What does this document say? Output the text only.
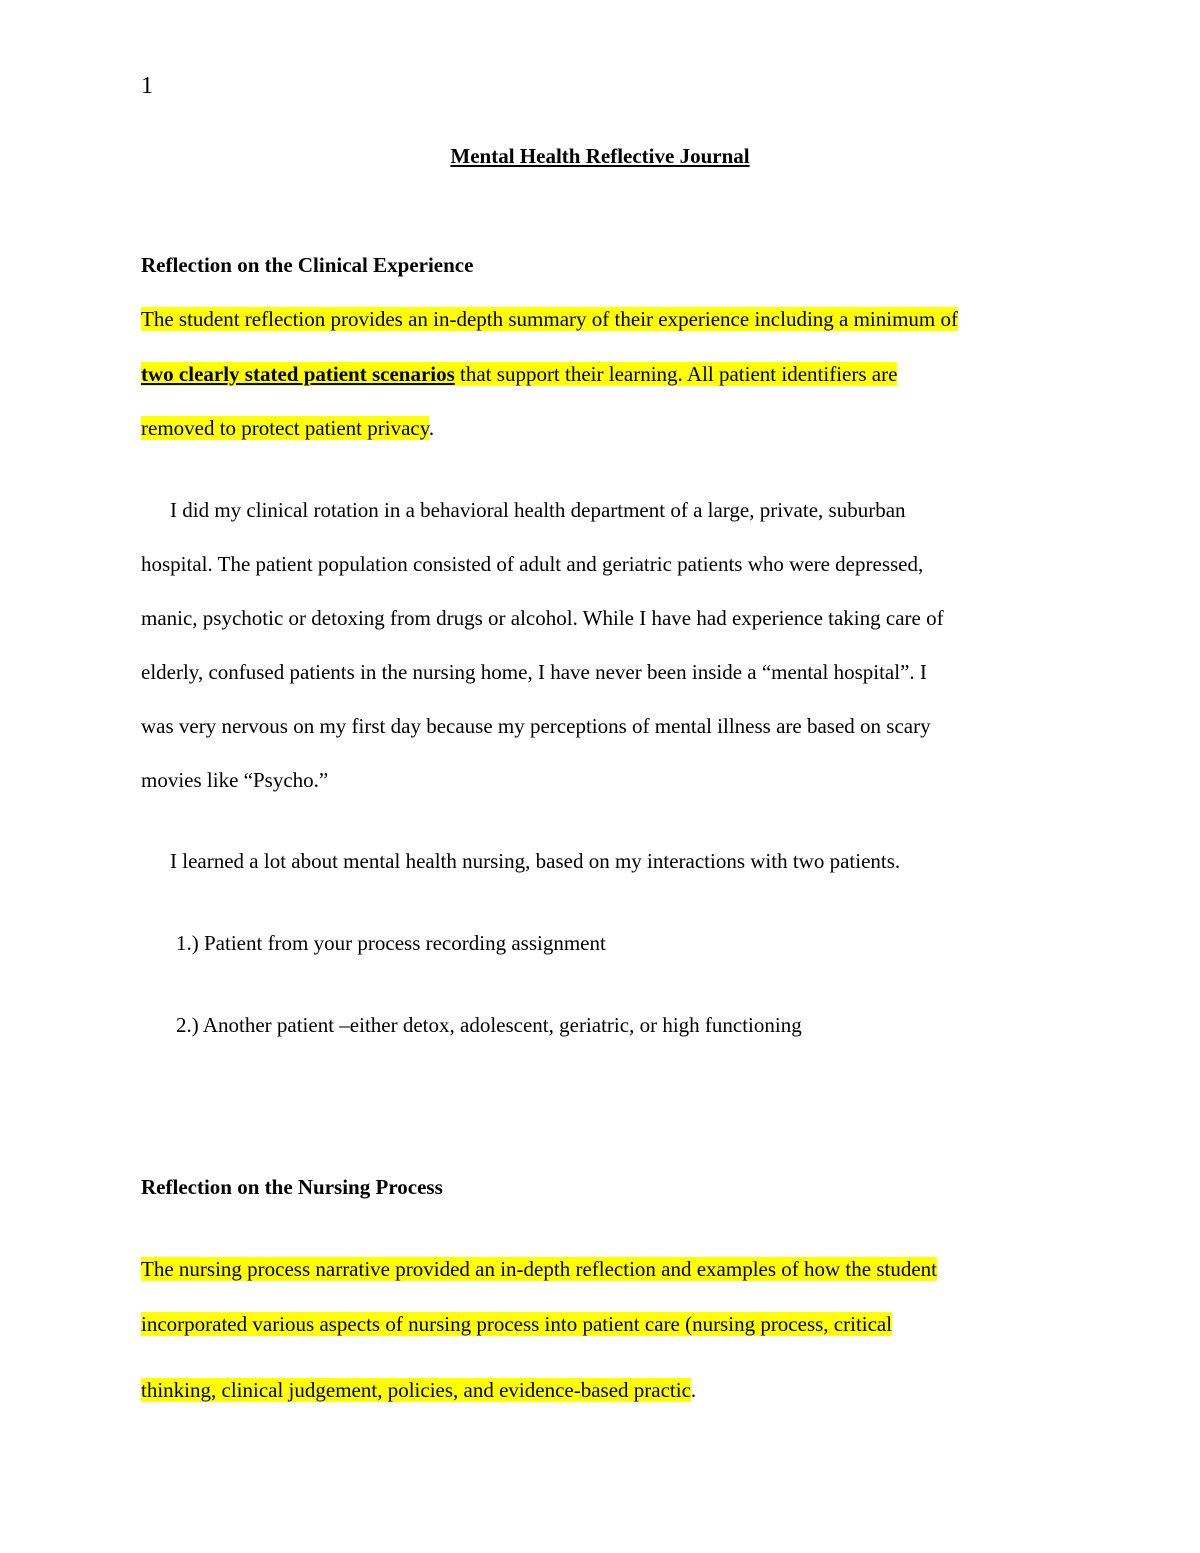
1
Mental Health Reflective Journal
Reflection on the Clinical Experience
The student reflection provides an in-depth summary of their experience including a minimum of
two clearly stated patient scenarios that support their learning. All patient identifiers are
removed to protect patient privacy.
I did my clinical rotation in a behavioral health department of a large, private, suburban
hospital. The patient population consisted of adult and geriatric patients who were depressed,
manic, psychotic or detoxing from drugs or alcohol. While I have had experience taking care of
elderly, confused patients in the nursing home, I have never been inside a “mental hospital”. I
was very nervous on my first day because my perceptions of mental illness are based on scary
movies like “Psycho.”
I learned a lot about mental health nursing, based on my interactions with two patients.
1.) Patient from your process recording assignment
2.) Another patient –either detox, adolescent, geriatric, or high functioning
Reflection on the Nursing Process
The nursing process narrative provided an in-depth reflection and examples of how the student
incorporated various aspects of nursing process into patient care (nursing process, critical
thinking, clinical judgement, policies, and evidence-based practic.
